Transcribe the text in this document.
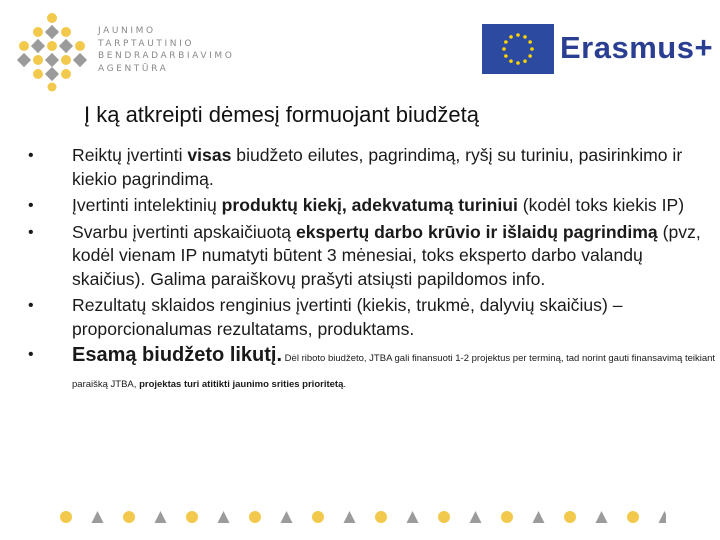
JAUNIMO
TARPTAUTINIO
BENDRADARBIAVIMO
AGENTŪRA
Erasmus+
Į ką atkreipti dėmesį formuojant biudžetą
• Reiktų įvertinti visas biudžeto eilutes, pagrindimą, ryšį su turiniu, pasirinkimo ir kiekio pagrindimą.
• Įvertinti intelektinių produktų kiekį, adekvatumą turiniui (kodėl toks kiekis IP)
• Svarbu įvertinti apskaičiuotą ekspertų darbo krūvio ir išlaidų pagrindimą (pvz, kodėl vienam IP numatyti būtent 3 mėnesiai, toks eksperto darbo valandų skaičius). Galima paraiškovų prašyti atsiųsti papildomos info.
• Rezultatų sklaidos renginius įvertinti (kiekis, trukmė, dalyvių skaičius) – proporcionalumas rezultatams, produktams.
• Esamą biudžeto likutį. Dėl riboto biudžeto, JTBA gali finansuoti 1-2 projektus per terminą, tad norint gauti finansavimą teikiant paraišką JTBA, projektas turi atitikti jaunimo srities prioritetą.
